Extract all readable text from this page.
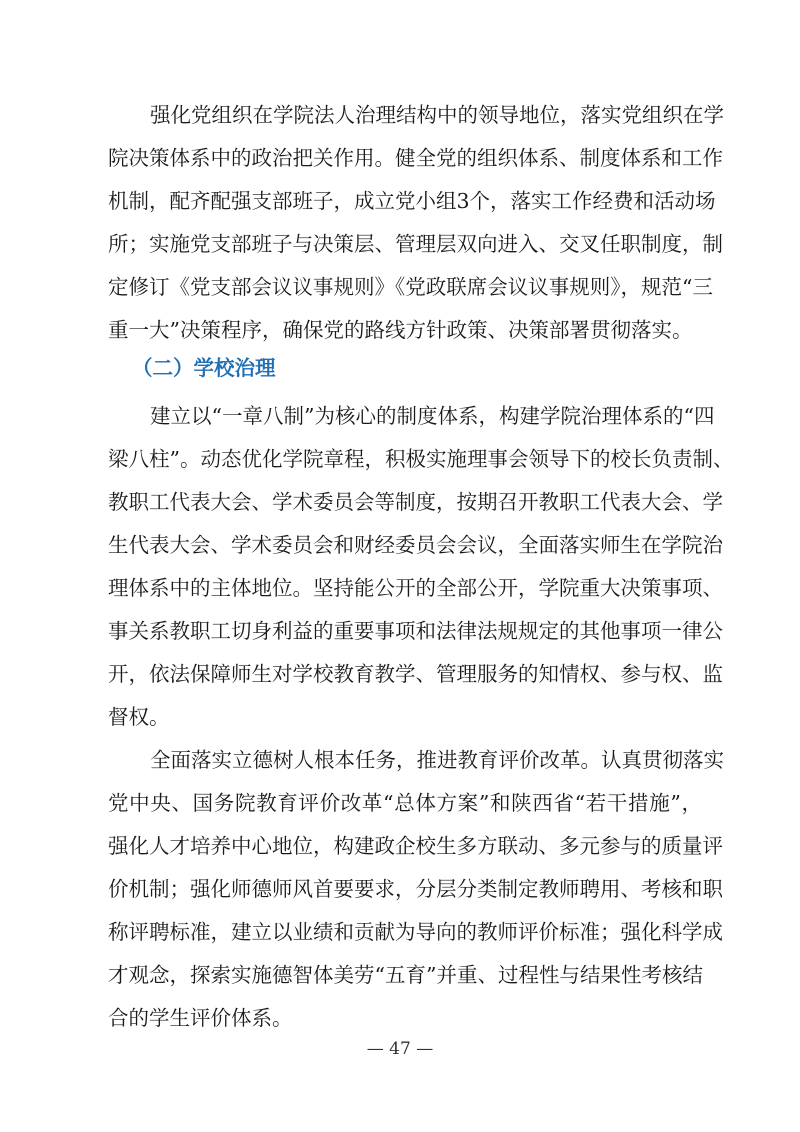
强化党组织在学院法人治理结构中的领导地位，落实党组织在学
院决策体系中的政治把关作用。健全党的组织体系、制度体系和工作
机制，配齐配强支部班子，成立党小组3个，落实工作经费和活动场
所；实施党支部班子与决策层、管理层双向进入、交叉任职制度，制
定修订《党支部会议议事规则》《党政联席会议议事规则》，规范“三
重一大”决策程序，确保党的路线方针政策、决策部署贯彻落实。
（二）学校治理
建立以“一章八制”为核心的制度体系，构建学院治理体系的“四
梁八柱”。动态优化学院章程，积极实施理事会领导下的校长负责制、
教职工代表大会、学术委员会等制度，按期召开教职工代表大会、学
生代表大会、学术委员会和财经委员会会议，全面落实师生在学院治
理体系中的主体地位。坚持能公开的全部公开，学院重大决策事项、
事关系教职工切身利益的重要事项和法律法规规定的其他事项一律公
开，依法保障师生对学校教育教学、管理服务的知情权、参与权、监
督权。
全面落实立德树人根本任务，推进教育评价改革。认真贯彻落实
党中央、国务院教育评价改革“总体方案”和陕西省“若干措施”，
强化人才培养中心地位，构建政企校生多方联动、多元参与的质量评
价机制；强化师德师风首要要求，分层分类制定教师聘用、考核和职
称评聘标准，建立以业绩和贡献为导向的教师评价标准；强化科学成
才观念，探索实施德智体美劳“五育”并重、过程性与结果性考核结
合的学生评价体系。
— 47 —
